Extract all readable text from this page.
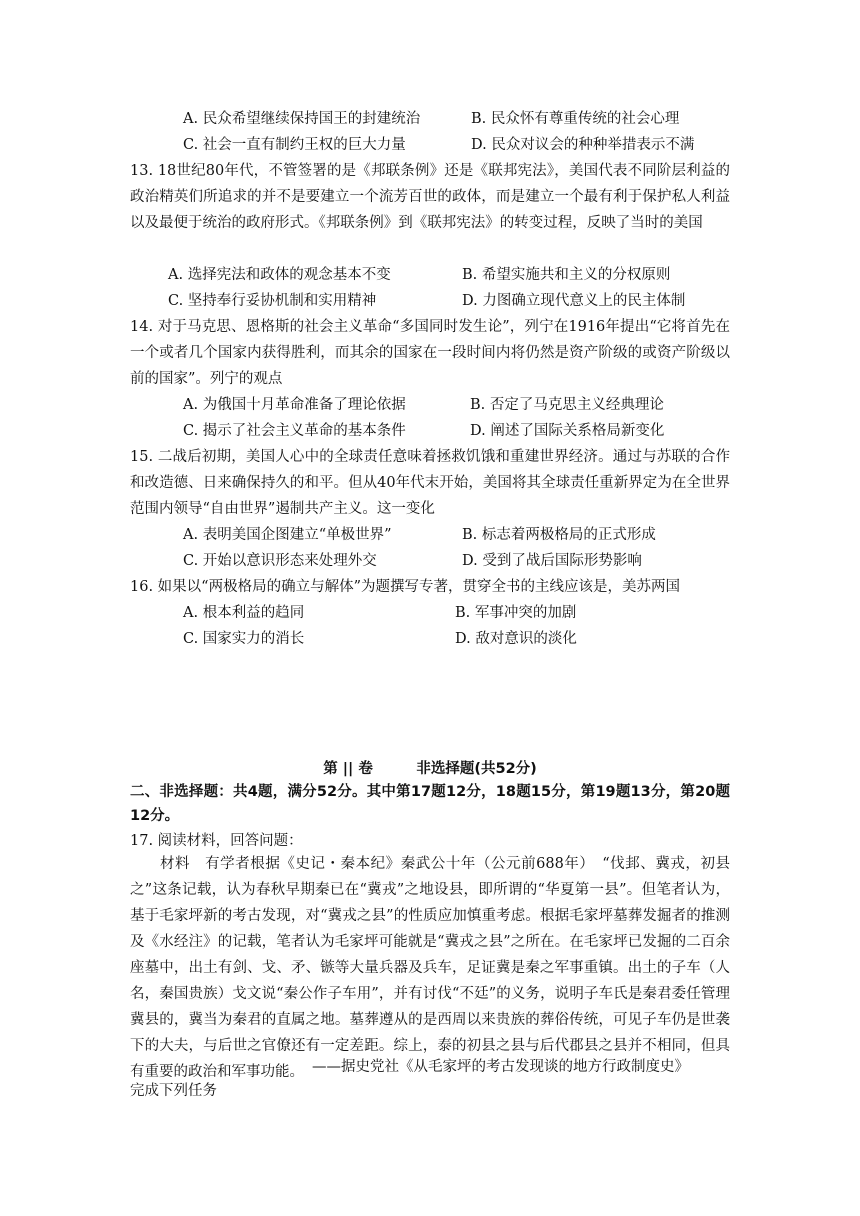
A. 民众希望继续保持国王的封建统治	B. 民众怀有尊重传统的社会心理
C. 社会一直有制约王权的巨大力量	D. 民众对议会的种种举措表示不满
13. 18世纪80年代，不管签署的是《邦联条例》还是《联邦宪法》，美国代表不同阶层利益的政治精英们所追求的并不是要建立一个流芳百世的政体，而是建立一个最有利于保护私人利益以及最便于统治的政府形式。《邦联条例》到《联邦宪法》的转变过程，反映了当时的美国
A. 选择宪法和政体的观念基本不变	B. 希望实施共和主义的分权原则
C. 坚持奉行妥协机制和实用精神	D. 力图确立现代意义上的民主体制
14. 对于马克思、恩格斯的社会主义革命“多国同时发生论”，列宁在1916年提出“它将首先在一个或者几个国家内获得胜利，而其余的国家在一段时间内将仍然是资产阶级的或资产阶级以前的国家”。列宁的观点
A. 为俄国十月革命准备了理论依据	B. 否定了马克思主义经典理论
C. 揭示了社会主义革命的基本条件	D. 阐述了国际关系格局新变化
15. 二战后初期，美国人心中的全球责任意味着拯救饥饿和重建世界经济。通过与苏联的合作和改造德、日来确保持久的和平。但从40年代末开始，美国将其全球责任重新界定为在全世界范围内领导“自由世界”遏制共产主义。这一变化
A. 表明美国企图建立“单极世界”	B. 标志着两极格局的正式形成
C. 开始以意识形态来处理外交	D. 受到了战后国际形势影响
16. 如果以“两极格局的确立与解体”为题撰写专著，贯穿全书的主线应该是，美苏两国
A. 根本利益的趋同	B. 军事冲突的加剧
C. 国家实力的消长	D. 敌对意识的淡化
第 || 卷　　　非选择题(共52分)
二、非选择题：共4题，满分52分。其中第17题12分，18题15分，第19题13分，第20题12分。
17. 阅读材料，回答问题：
材料　有学者根据《史记・秦本纪》秦武公十年（公元前688年）　“伐邽、冀戎，初县之”这条记载，认为春秋早期秦已在“冀戎”之地设县，即所谓的“华夏第一县”。但笔者认为，基于毛家坪新的考古发现，对“冀戎之县”的性质应加慎重考虑。根据毛家坪墓葬发掘者的推测及《水经注》的记载，笔者认为毛家坪可能就是“冀戎之县”之所在。在毛家坪已发掘的二百余座墓中，出土有剑、戈、矛、镞等大量兵器及兵车，足证冀是秦之军事重镇。出土的子车（人名，秦国贵族）戈文说“秦公作子车用”，并有讨伐“不廷”的义务，说明子车氏是秦君委任管理冀县的，冀当为秦君的直属之地。墓葬遵从的是西周以来贵族的葬俗传统，可见子车仍是世袭下的大夫，与后世之官僚还有一定差距。综上，泰的初县之县与后代郡县之县并不相同，但具有重要的政治和军事功能。 ——据史党社《从毛家坪的考古发现谈的地方行政制度史》
完成下列任务
